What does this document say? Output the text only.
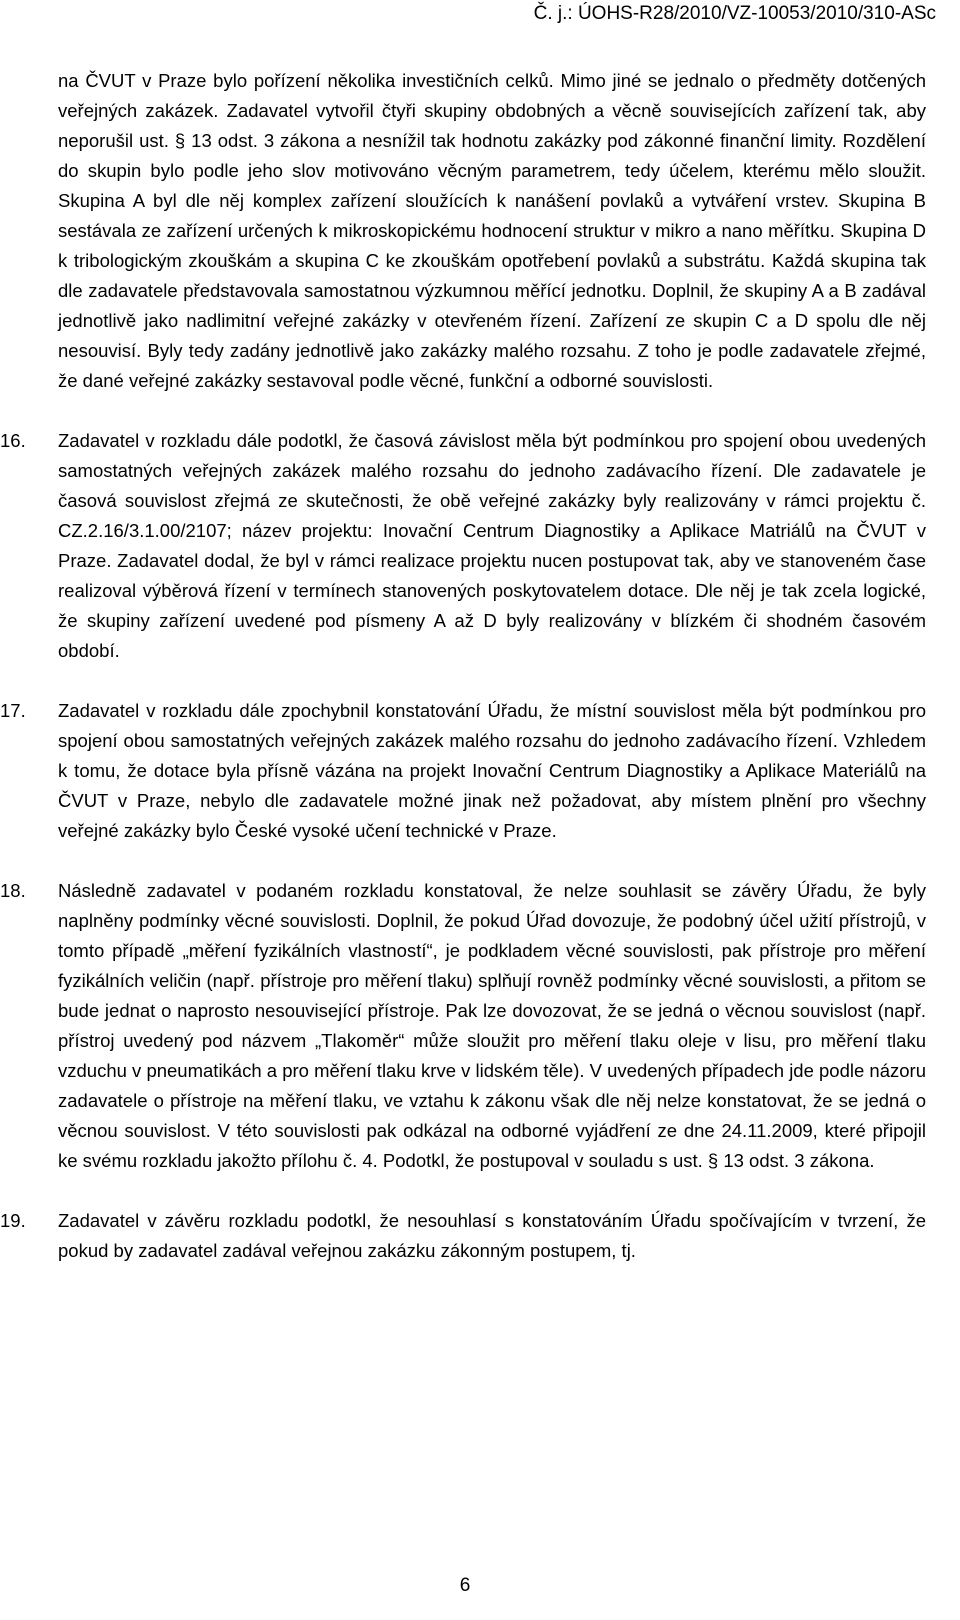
Č. j.: ÚOHS-R28/2010/VZ-10053/2010/310-ASc

na ČVUT v Praze bylo pořízení několika investičních celků. Mimo jiné se jednalo o předměty dotčených veřejných zakázek. Zadavatel vytvořil čtyři skupiny obdobných a věcně souvisejících zařízení tak, aby neporušil ust. § 13 odst. 3 zákona a nesnížil tak hodnotu zakázky pod zákonné finanční limity. Rozdělení do skupin bylo podle jeho slov motivováno věcným parametrem, tedy účelem, kterému mělo sloužit. Skupina A byl dle něj komplex zařízení sloužících k nanášení povlaků a vytváření vrstev. Skupina B sestávala ze zařízení určených k mikroskopickému hodnocení struktur v mikro a nano měřítku. Skupina D k tribologickým zkouškám a skupina C ke zkouškám opotřebení povlaků a substrátu. Každá skupina tak dle zadavatele představovala samostatnou výzkumnou měřící jednotku. Doplnil, že skupiny A a B zadával jednotlivě jako nadlimitní veřejné zakázky v otevřeném řízení. Zařízení ze skupin C a D spolu dle něj nesouvisí. Byly tedy zadány jednotlivě jako zakázky malého rozsahu. Z toho je podle zadavatele zřejmé, že dané veřejné zakázky sestavoval podle věcné, funkční a odborné souvislosti.

16.	Zadavatel v rozkladu dále podotkl, že časová závislost měla být podmínkou pro spojení obou uvedených samostatných veřejných zakázek malého rozsahu do jednoho zadávacího řízení. Dle zadavatele je časová souvislost zřejmá ze skutečnosti, že obě veřejné zakázky byly realizovány v rámci projektu č. CZ.2.16/3.1.00/2107; název projektu: Inovační Centrum Diagnostiky a Aplikace Matriálů na ČVUT v Praze. Zadavatel dodal, že byl v rámci realizace projektu nucen postupovat tak, aby ve stanoveném čase realizoval výběrová řízení v termínech stanovených poskytovatelem dotace. Dle něj je tak zcela logické, že skupiny zařízení uvedené pod písmeny A až D byly realizovány v blízkém či shodném časovém období.

17.	Zadavatel v rozkladu dále zpochybnil konstatování Úřadu, že místní souvislost měla být podmínkou pro spojení obou samostatných veřejných zakázek malého rozsahu do jednoho zadávacího řízení. Vzhledem k tomu, že dotace byla přísně vázána na projekt Inovační Centrum Diagnostiky a Aplikace Materiálů na ČVUT v Praze, nebylo dle zadavatele možné jinak než požadovat, aby místem plnění pro všechny veřejné zakázky bylo České vysoké učení technické v Praze.

18.	Následně zadavatel v podaném rozkladu konstatoval, že nelze souhlasit se závěry Úřadu, že byly naplněny podmínky věcné souvislosti. Doplnil, že pokud Úřad dovozuje, že podobný účel užití přístrojů, v tomto případě „měření fyzikálních vlastností“, je podkladem věcné souvislosti, pak přístroje pro měření fyzikálních veličin (např. přístroje pro měření tlaku) splňují rovněž podmínky věcné souvislosti, a přitom se bude jednat o naprosto nesouvisející přístroje. Pak lze dovozovat, že se jedná o věcnou souvislost (např. přístroj uvedený pod názvem „Tlakoměr“ může sloužit pro měření tlaku oleje v lisu, pro měření tlaku vzduchu v pneumatikách a pro měření tlaku krve v lidském těle). V uvedených případech jde podle názoru zadavatele o přístroje na měření tlaku, ve vztahu k zákonu však dle něj nelze konstatovat, že se jedná o věcnou souvislost. V této souvislosti pak odkázal na odborné vyjádření ze dne 24.11.2009, které připojil ke svému rozkladu jakožto přílohu č. 4. Podotkl, že postupoval v souladu s ust. § 13 odst. 3 zákona.

19.	Zadavatel v závěru rozkladu podotkl, že nesouhlasí s konstatováním Úřadu spočívajícím v tvrzení, že pokud by zadavatel zadával veřejnou zakázku zákonným postupem, tj.

6
